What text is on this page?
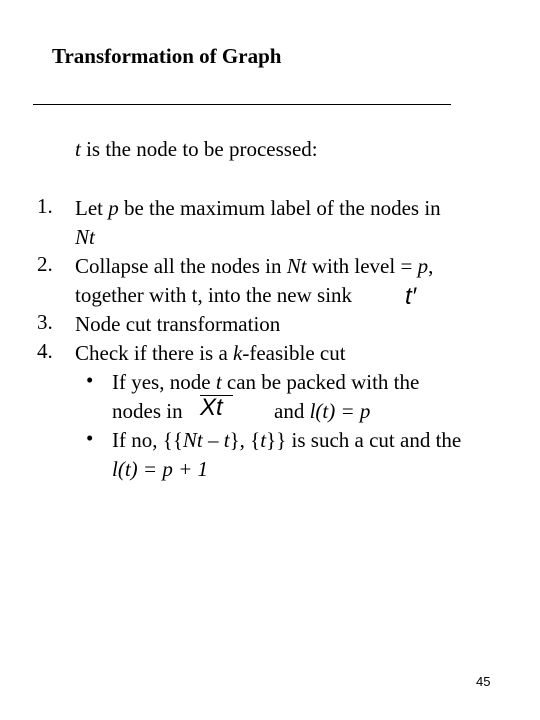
Transformation of Graph
t is the node to be processed:
1. Let p be the maximum label of the nodes in
Nt
2. Collapse all the nodes in Nt with level = p,
together with t, into the new sink
3. Node cut transformation
4. Check if there is a k-feasible cut
• If yes, node t can be packed with the
nodes in	and l(t) = p
• If no, {{Nt – t}, {t}} is such a cut and the
l(t) = p + 1
t′
Xt
45
